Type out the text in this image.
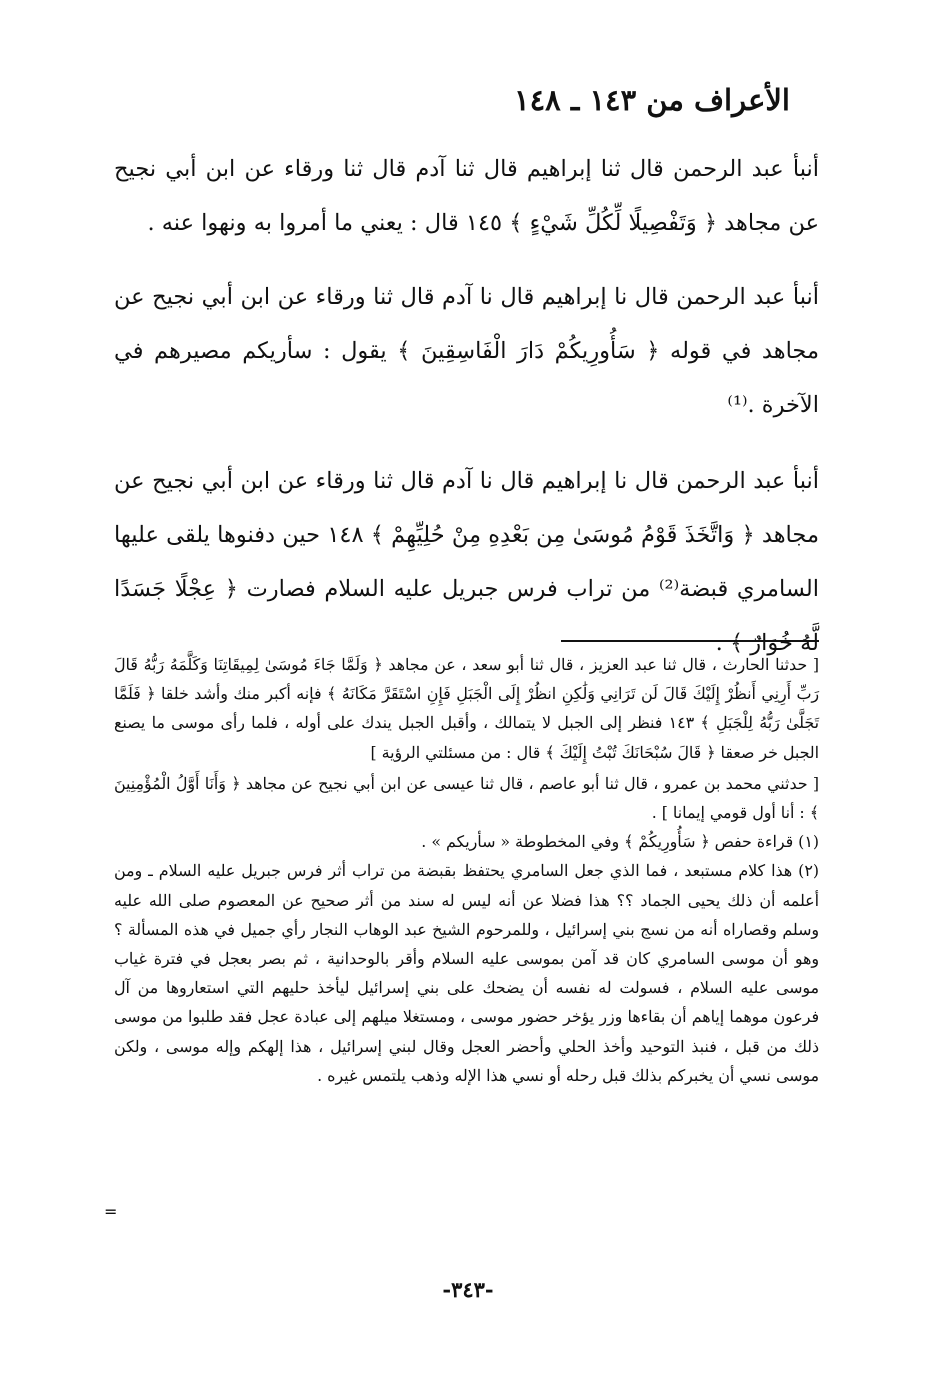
الأعراف من ١٤٣ ـ ١٤٨

أنبأ عبد الرحمن قال ثنا إبراهيم قال ثنا آدم قال ثنا ورقاء عن ابن أبي نجيح عن مجاهد ﴿ وَتَفْصِيلًا لِّكُلِّ شَيْءٍ ﴾ ١٤٥ قال : يعني ما أمروا به ونهوا عنه .

أنبأ عبد الرحمن قال نا إبراهيم قال نا آدم قال ثنا ورقاء عن ابن أبي نجيح عن مجاهد في قوله ﴿ سَأُورِيكُمْ دَارَ الْفَاسِقِينَ ﴾ يقول : سأريكم مصيرهم في الآخرة .⁽¹⁾

أنبأ عبد الرحمن قال نا إبراهيم قال نا آدم قال ثنا ورقاء عن ابن أبي نجيح عن مجاهد ﴿ وَاتَّخَذَ قَوْمُ مُوسَىٰ مِن بَعْدِهِ مِنْ حُلِيِّهِمْ ﴾ ١٤٨ حين دفنوها يلقى عليها السامري قبضة⁽²⁾ من تراب فرس جبريل عليه السلام فصارت ﴿ عِجْلًا جَسَدًا لَّهُ خُوَارٌ ﴾ .

[ حدثنا الحارث ، قال ثنا عبد العزيز ، قال ثنا أبو سعد ، عن مجاهد ﴿ وَلَمَّا جَاءَ مُوسَىٰ لِمِيقَاتِنَا وَكَلَّمَهُ رَبُّهُ قَالَ رَبِّ أَرِنِي أَنظُرْ إِلَيْكَ قَالَ لَن تَرَانِي وَلَٰكِنِ انظُرْ إِلَى الْجَبَلِ فَإِنِ اسْتَقَرَّ مَكَانَهُ ﴾ فإنه أكبر منك وأشد خلقا ﴿ فَلَمَّا تَجَلَّىٰ رَبُّهُ لِلْجَبَلِ ﴾ ١٤٣ فنظر إلى الجبل لا يتمالك ، وأقبل الجبل يندك على أوله ، فلما رأى موسى ما يصنع الجبل خر صعقا ﴿ قَالَ سُبْحَانَكَ تُبْتُ إِلَيْكَ ﴾ قال : من مسئلتي الرؤية ]

[ حدثني محمد بن عمرو ، قال ثنا أبو عاصم ، قال ثنا عيسى عن ابن أبي نجيح عن مجاهد ﴿ وَأَنَا أَوَّلُ الْمُؤْمِنِينَ ﴾ : أنا أول قومي إيمانا ] .

(١) قراءة حفص ﴿ سَأُورِيكُمْ ﴾ وفي المخطوطة « سأريكم » .

(٢) هذا كلام مستبعد ، فما الذي جعل السامري يحتفظ بقبضة من تراب أثر فرس جبريل عليه السلام ـ ومن أعلمه أن ذلك يحيى الجماد ؟؟ هذا فضلا عن أنه ليس له سند من أثر صحيح عن المعصوم صلى الله عليه وسلم وقصاراه أنه من نسج بني إسرائيل ، وللمرحوم الشيخ عبد الوهاب النجار رأي جميل في هذه المسألة ؟ وهو أن موسى السامري كان قد آمن بموسى عليه السلام وأقر بالوحدانية ، ثم بصر بعجل في فترة غياب موسى عليه السلام ، فسولت له نفسه أن يضحك على بني إسرائيل ليأخذ حليهم التي استعاروها من آل فرعون موهما إياهم أن بقاءها وزر يؤخر حضور موسى ، ومستغلا ميلهم إلى عبادة عجل فقد طلبوا من موسى ذلك من قبل ، فنبذ التوحيد وأخذ الحلي وأحضر العجل وقال لبني إسرائيل ، هذا إلهكم وإله موسى ، ولكن موسى نسي أن يخبركم بذلك قبل رحله أو نسي هذا الإله وذهب يلتمس غيره .

=
-٣٤٣-
